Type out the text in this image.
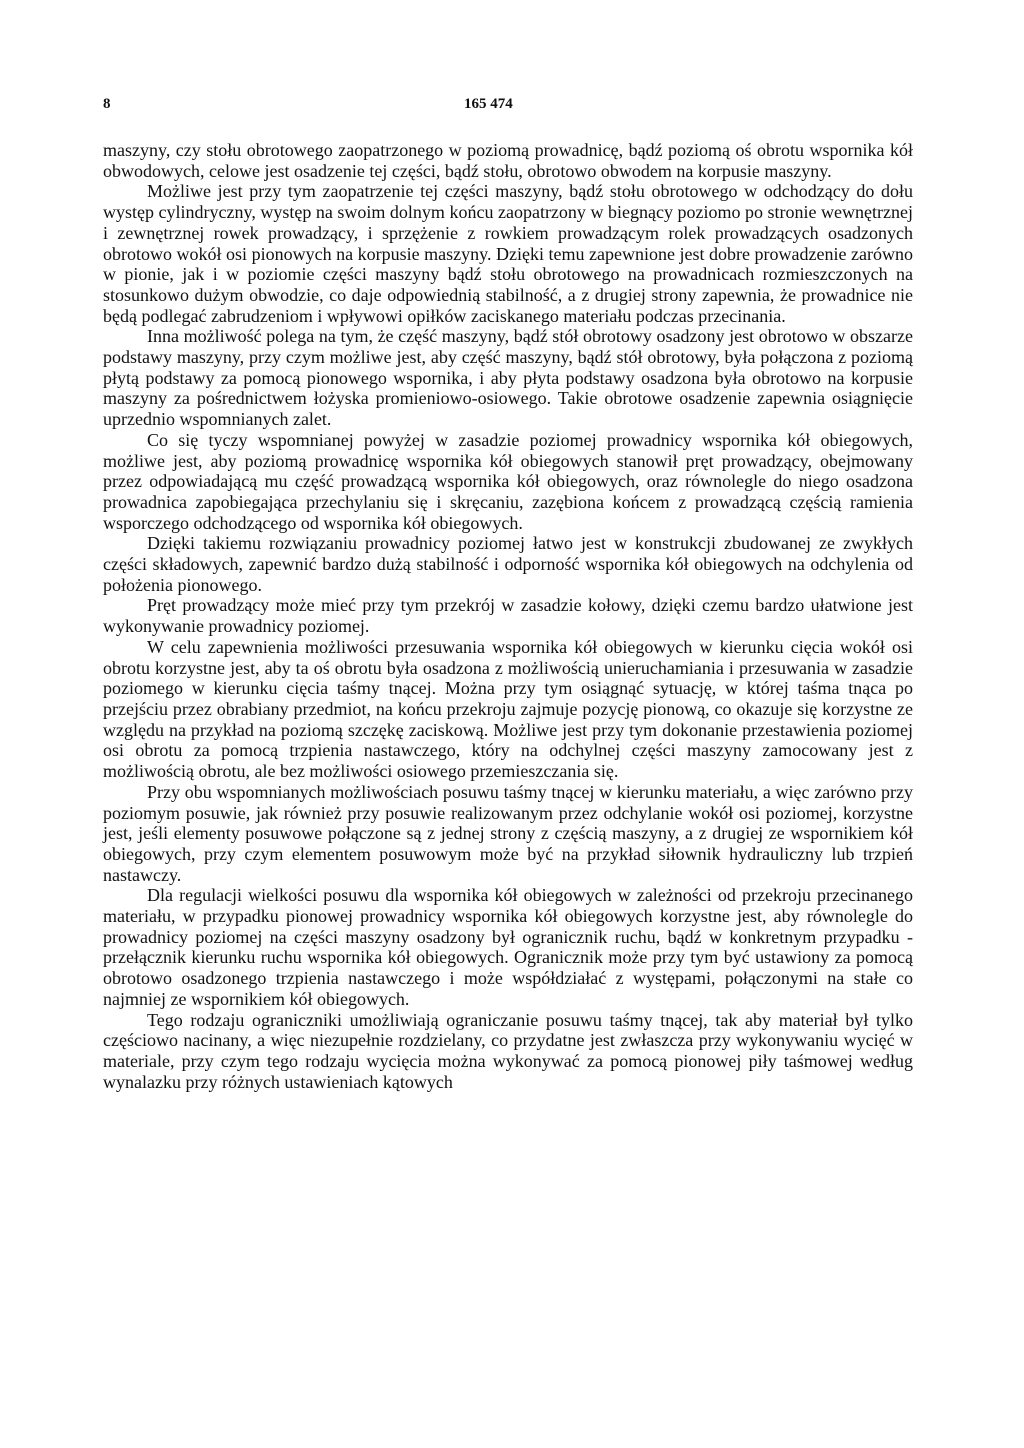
8	165 474

maszyny, czy stołu obrotowego zaopatrzonego w poziomą prowadnicę, bądź poziomą oś obrotu wspornika kół obwodowych, celowe jest osadzenie tej części, bądź stołu, obrotowo obwodem na korpusie maszyny.

Możliwe jest przy tym zaopatrzenie tej części maszyny, bądź stołu obrotowego w odchodzący do dołu występ cylindryczny, występ na swoim dolnym końcu zaopatrzony w biegnący poziomo po stronie wewnętrznej i zewnętrznej rowek prowadzący, i sprzężenie z rowkiem prowadzącym rolek prowadzących osadzonych obrotowo wokół osi pionowych na korpusie maszyny. Dzięki temu zapewnione jest dobre prowadzenie zarówno w pionie, jak i w poziomie części maszyny bądź stołu obrotowego na prowadnicach rozmieszczonych na stosunkowo dużym obwodzie, co daje odpowiednią stabilność, a z drugiej strony zapewnia, że prowadnice nie będą podlegać zabrudzeniom i wpływowi opiłków zaciskanego materiału podczas przecinania.

Inna możliwość polega na tym, że część maszyny, bądź stół obrotowy osadzony jest obrotowo w obszarze podstawy maszyny, przy czym możliwe jest, aby część maszyny, bądź stół obrotowy, była połączona z poziomą płytą podstawy za pomocą pionowego wspornika, i aby płyta podstawy osadzona była obrotowo na korpusie maszyny za pośrednictwem łożyska promieniowo-osiowego. Takie obrotowe osadzenie zapewnia osiągnięcie uprzednio wspomnianych zalet.

Co się tyczy wspomnianej powyżej w zasadzie poziomej prowadnicy wspornika kół obiegowych, możliwe jest, aby poziomą prowadnicę wspornika kół obiegowych stanowił pręt prowadzący, obejmowany przez odpowiadającą mu część prowadzącą wspornika kół obiegowych, oraz równolegle do niego osadzona prowadnica zapobiegająca przechylaniu się i skręcaniu, zazębiona końcem z prowadzącą częścią ramienia wsporczego odchodzącego od wspornika kół obiegowych.

Dzięki takiemu rozwiązaniu prowadnicy poziomej łatwo jest w konstrukcji zbudowanej ze zwykłych części składowych, zapewnić bardzo dużą stabilność i odporność wspornika kół obiegowych na odchylenia od położenia pionowego.

Pręt prowadzący może mieć przy tym przekrój w zasadzie kołowy, dzięki czemu bardzo ułatwione jest wykonywanie prowadnicy poziomej.

W celu zapewnienia możliwości przesuwania wspornika kół obiegowych w kierunku cięcia wokół osi obrotu korzystne jest, aby ta oś obrotu była osadzona z możliwością unieruchamiania i przesuwania w zasadzie poziomego w kierunku cięcia taśmy tnącej. Można przy tym osiągnąć sytuację, w której taśma tnąca po przejściu przez obrabiany przedmiot, na końcu przekroju zajmuje pozycję pionową, co okazuje się korzystne ze względu na przykład na poziomą szczękę zaciskową. Możliwe jest przy tym dokonanie przestawienia poziomej osi obrotu za pomocą trzpienia nastawczego, który na odchylnej części maszyny zamocowany jest z możliwością obrotu, ale bez możliwości osiowego przemieszczania się.

Przy obu wspomnianych możliwościach posuwu taśmy tnącej w kierunku materiału, a więc zarówno przy poziomym posuwie, jak również przy posuwie realizowanym przez odchylanie wokół osi poziomej, korzystne jest, jeśli elementy posuwowe połączone są z jednej strony z częścią maszyny, a z drugiej ze wspornikiem kół obiegowych, przy czym elementem posuwowym może być na przykład siłownik hydrauliczny lub trzpień nastawczy.

Dla regulacji wielkości posuwu dla wspornika kół obiegowych w zależności od przekroju przecinanego materiału, w przypadku pionowej prowadnicy wspornika kół obiegowych korzystne jest, aby równolegle do prowadnicy poziomej na części maszyny osadzony był ogranicznik ruchu, bądź w konkretnym przypadku - przełącznik kierunku ruchu wspornika kół obiegowych. Ogranicznik może przy tym być ustawiony za pomocą obrotowo osadzonego trzpienia nastawczego i może współdziałać z występami, połączonymi na stałe co najmniej ze wspornikiem kół obiegowych.

Tego rodzaju ograniczniki umożliwiają ograniczanie posuwu taśmy tnącej, tak aby materiał był tylko częściowo nacinany, a więc niezupełnie rozdzielany, co przydatne jest zwłaszcza przy wykonywaniu wycięć w materiale, przy czym tego rodzaju wycięcia można wykonywać za pomocą pionowej piły taśmowej według wynalazku przy różnych ustawieniach kątowych
